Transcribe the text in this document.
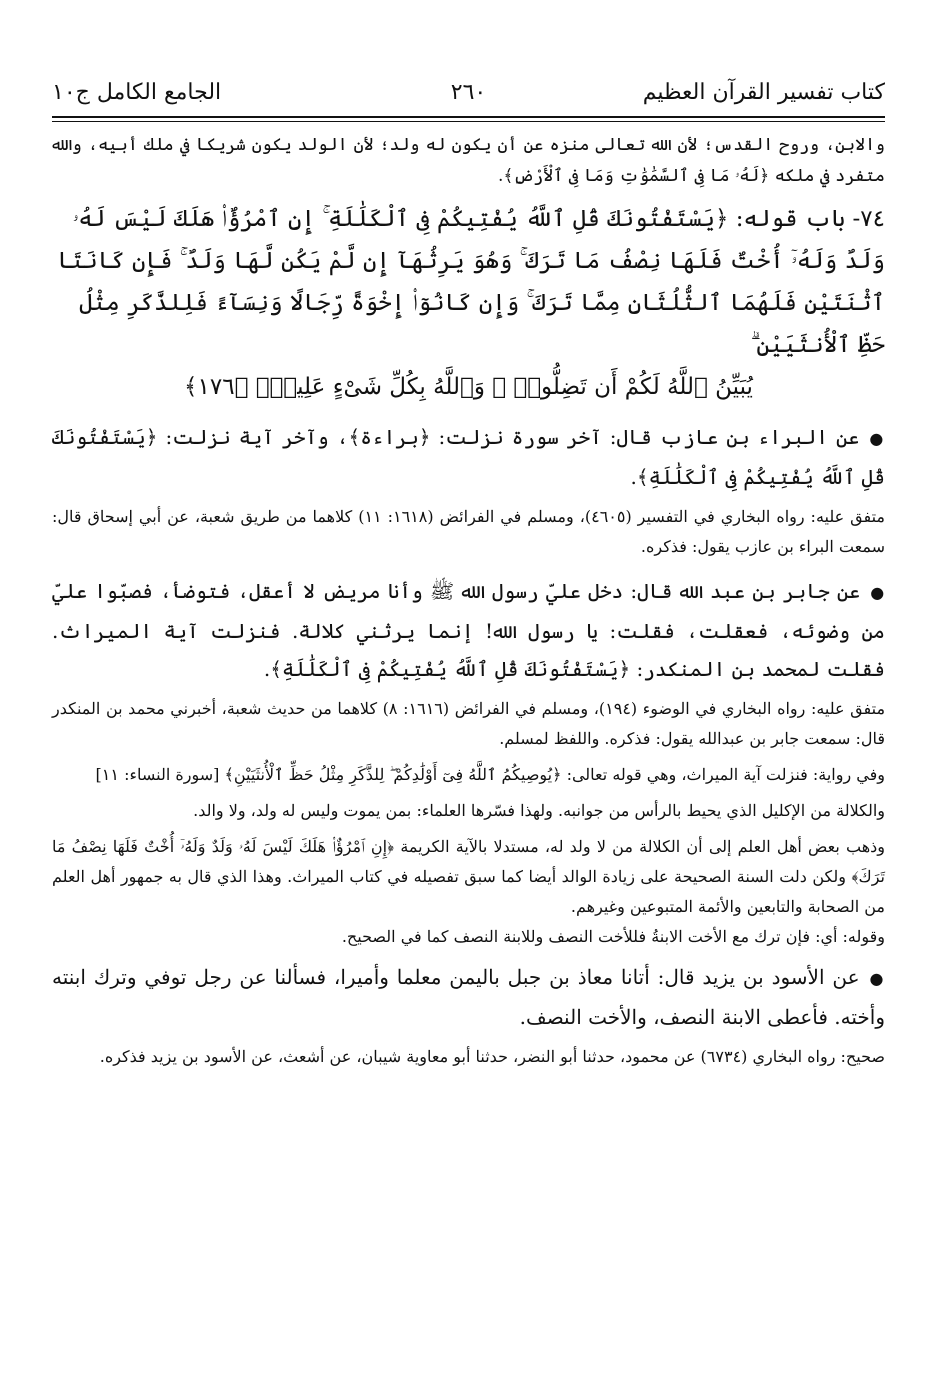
كتاب تفسير القرآن العظيم
٢٦٠
الجامع الكامل ج١٠

والابن، وروح القدس؛ لأن الله تعالى منزه عن أن يكون له ولد؛ لأن الولد يكون شريكا في ملك أبيه، والله متفرد في ملكه ﴿لَهُۥ مَا فِى ٱلسَّمَٰوَٰتِ وَمَا فِى ٱلْأَرْضِ﴾.

٧٤- باب قوله: ﴿يَسْتَفْتُونَكَ قُلِ ٱللَّهُ يُفْتِيكُمْ فِى ٱلْكَلَٰلَةِ ۚ إِنِ ٱمْرُؤٌا۟ هَلَكَ لَيْسَ لَهُۥ وَلَدٌ وَلَهُۥٓ أُخْتٌ فَلَهَا نِصْفُ مَا تَرَكَ ۚ وَهُوَ يَرِثُهَآ إِن لَّمْ يَكُن لَّهَا وَلَدٌ ۚ فَإِن كَانَتَا ٱثْنَتَيْنِ فَلَهُمَا ٱلثُّلُثَانِ مِمَّا تَرَكَ ۚ وَإِن كَانُوٓا۟ إِخْوَةً رِّجَالًا وَنِسَآءً فَلِلذَّكَرِ مِثْلُ حَظِّ ٱلْأُنثَيَيْنِ ۗ

يُبَيِّنُ ٱللَّهُ لَكُمْ أَن تَضِلُّوا۟ ۗ وَٱللَّهُ بِكُلِّ شَىْءٍ عَلِيمٌۢ ﴿١٧٦﴾

●عن البراء بن عازب قال: آخر سورة نزلت: ﴿براءة﴾، وآخر آية نزلت: ﴿يَسْتَفْتُونَكَ قُلِ ٱللَّهُ يُفْتِيكُمْ فِى ٱلْكَلَٰلَةِ﴾.

متفق عليه: رواه البخاري في التفسير (٤٦٠٥)، ومسلم في الفرائض (١٦١٨: ١١) كلاهما من طريق شعبة، عن أبي إسحاق قال: سمعت البراء بن عازب يقول: فذكره.

●عن جابر بن عبد الله قال: دخل عليّ رسول الله ﷺ وأنا مريض لا أعقل، فتوضأ، فصبّوا عليّ من وضوئه، فعقلت، فقلت: يا رسول الله! إنما يرثني كلالة. فنزلت آية الميراث. فقلت لمحمد بن المنكدر: ﴿يَسْتَفْتُونَكَ قُلِ ٱللَّهُ يُفْتِيكُمْ فِى ٱلْكَلَٰلَةِ﴾.

متفق عليه: رواه البخاري في الوضوء (١٩٤)، ومسلم في الفرائض (١٦١٦: ٨) كلاهما من حديث شعبة، أخبرني محمد بن المنكدر قال: سمعت جابر بن عبدالله يقول: فذكره. واللفظ لمسلم.

وفي رواية: فنزلت آية الميراث، وهي قوله تعالى: ﴿يُوصِيكُمُ ٱللَّهُ فِىٓ أَوْلَٰدِكُمْ ۖ لِلذَّكَرِ مِثْلُ حَظِّ ٱلْأُنثَيَيْنِ﴾ [سورة النساء: ١١]

والكلالة من الإكليل الذي يحيط بالرأس من جوانبه. ولهذا فسّرها العلماء: بمن يموت وليس له ولد، ولا والد.

وذهب بعض أهل العلم إلى أن الكلالة من لا ولد له، مستدلا بالآية الكريمة ﴿إِنِ ٱمْرُؤٌا۟ هَلَكَ لَيْسَ لَهُۥ وَلَدٌ وَلَهُۥٓ أُخْتٌ فَلَهَا نِصْفُ مَا تَرَكَ﴾ ولكن دلت السنة الصحيحة على زيادة الوالد أيضا كما سبق تفصيله في كتاب الميراث. وهذا الذي قال به جمهور أهل العلم من الصحابة والتابعين والأئمة المتبوعين وغيرهم.

وقوله: أي: فإن ترك مع الأخت الابنةُ فللأخت النصف وللابنة النصف كما في الصحيح.

●عن الأسود بن يزيد قال: أتانا معاذ بن جبل باليمن معلما وأميرا، فسألنا عن رجل توفي وترك ابنته وأخته. فأعطى الابنة النصف، والأخت النصف.

صحيح: رواه البخاري (٦٧٣٤) عن محمود، حدثنا أبو النضر، حدثنا أبو معاوية شيبان، عن أشعث، عن الأسود بن يزيد فذكره.
